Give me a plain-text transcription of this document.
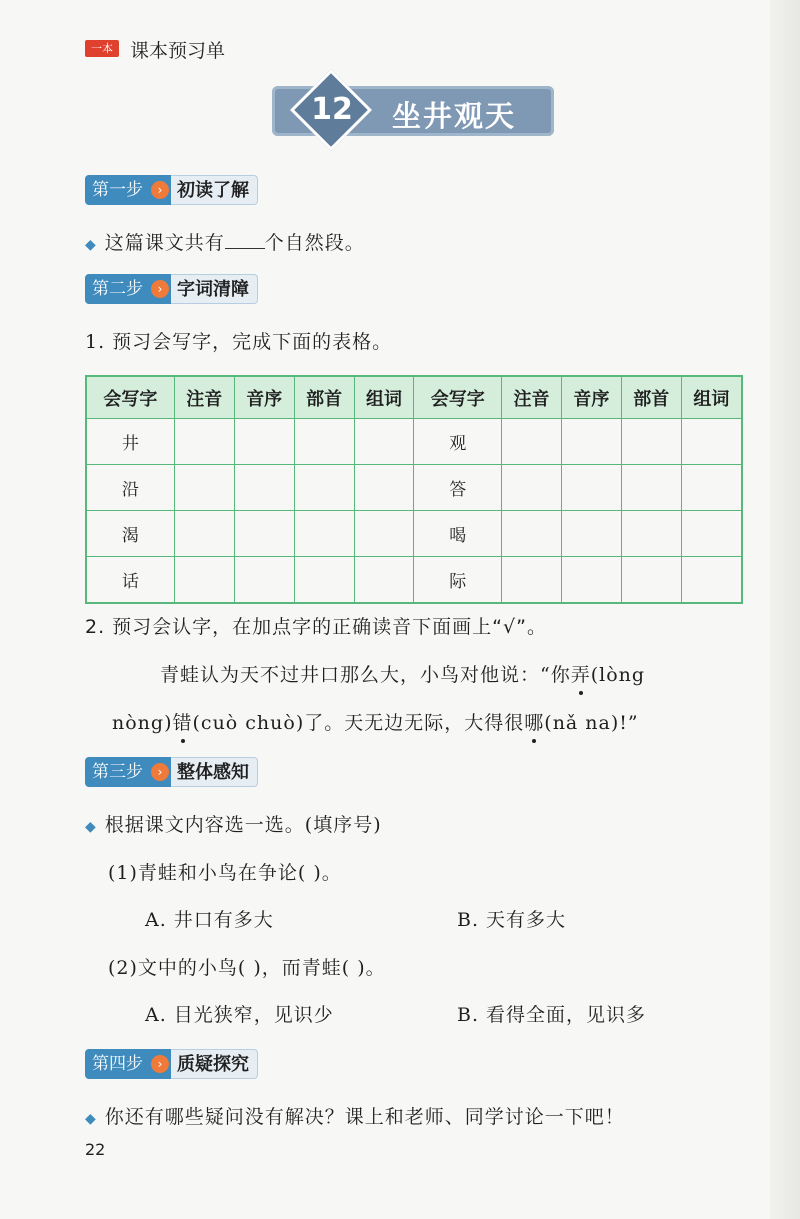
一本 课本预习单
12 坐井观天
第一步	› 初读了解
◆ 这篇课文共有 个自然段。
第二步	› 字词清障
1. 预习会写字，完成下面的表格。
会写字	注音	音序	部首	组词	会写字	注音	音序	部首	组词
井					观				
沿					答				
渴					喝				
话					际				
2. 预习会认字，在加点字的正确读音下面画上“√”。
青蛙认为天不过井口那么大，小鸟对他说：“你弄(lòng
nòng)错(cuò chuò)了。天无边无际，大得很哪(nǎ na)!”
第三步	› 整体感知
◆ 根据课文内容选一选。(填序号)
(1)青蛙和小鸟在争论( )。
A. 井口有多大	B. 天有多大
(2)文中的小鸟( )，而青蛙( )。
A. 目光狭窄，见识少	B. 看得全面，见识多
第四步	› 质疑探究
◆ 你还有哪些疑问没有解决？课上和老师、同学讨论一下吧！
22
